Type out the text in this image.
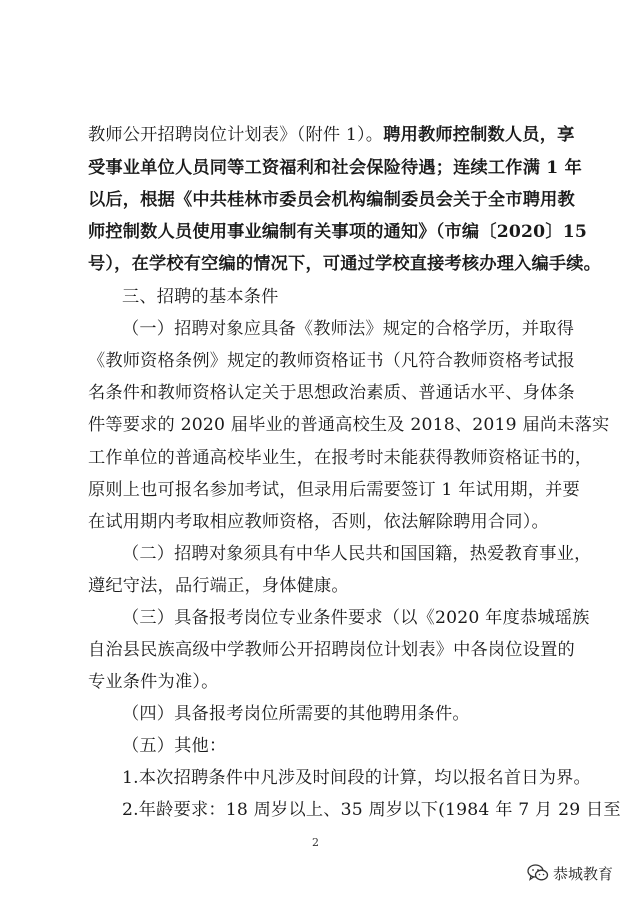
教师公开招聘岗位计划表》（附件 1）。聘用教师控制数人员，享
受事业单位人员同等工资福利和社会保险待遇；连续工作满 1 年
以后，根据《中共桂林市委员会机构编制委员会关于全市聘用教
师控制数人员使用事业编制有关事项的通知》（市编〔2020〕15
号），在学校有空编的情况下，可通过学校直接考核办理入编手续。
三、招聘的基本条件
（一）招聘对象应具备《教师法》规定的合格学历，并取得
《教师资格条例》规定的教师资格证书（凡符合教师资格考试报
名条件和教师资格认定关于思想政治素质、普通话水平、身体条
件等要求的 2020 届毕业的普通高校生及 2018、2019 届尚未落实
工作单位的普通高校毕业生，在报考时未能获得教师资格证书的，
原则上也可报名参加考试，但录用后需要签订 1 年试用期，并要
在试用期内考取相应教师资格，否则，依法解除聘用合同）。
（二）招聘对象须具有中华人民共和国国籍，热爱教育事业，
遵纪守法，品行端正，身体健康。
（三）具备报考岗位专业条件要求（以《2020 年度恭城瑶族
自治县民族高级中学教师公开招聘岗位计划表》中各岗位设置的
专业条件为准）。
（四）具备报考岗位所需要的其他聘用条件。
（五）其他：
1.本次招聘条件中凡涉及时间段的计算，均以报名首日为界。
2.年龄要求：18 周岁以上、35 周岁以下(1984 年 7 月 29 日至
2
恭城教育
